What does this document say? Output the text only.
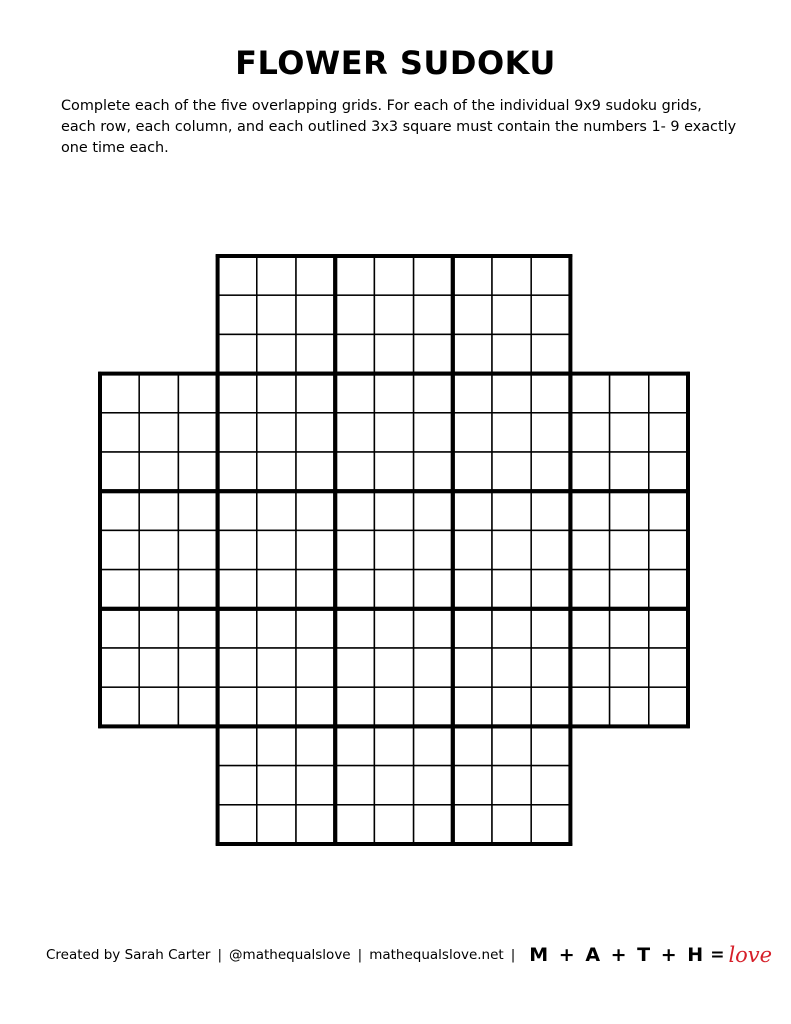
FLOWER SUDOKU

Complete each of the five overlapping grids. For each of the individual 9x9 sudoku grids, each row, each column, and each outlined 3x3 square must contain the numbers 1- 9 exactly one time each.

Created by Sarah Carter | @mathequalslove | mathequalslove.net | M + A + T + H = love
